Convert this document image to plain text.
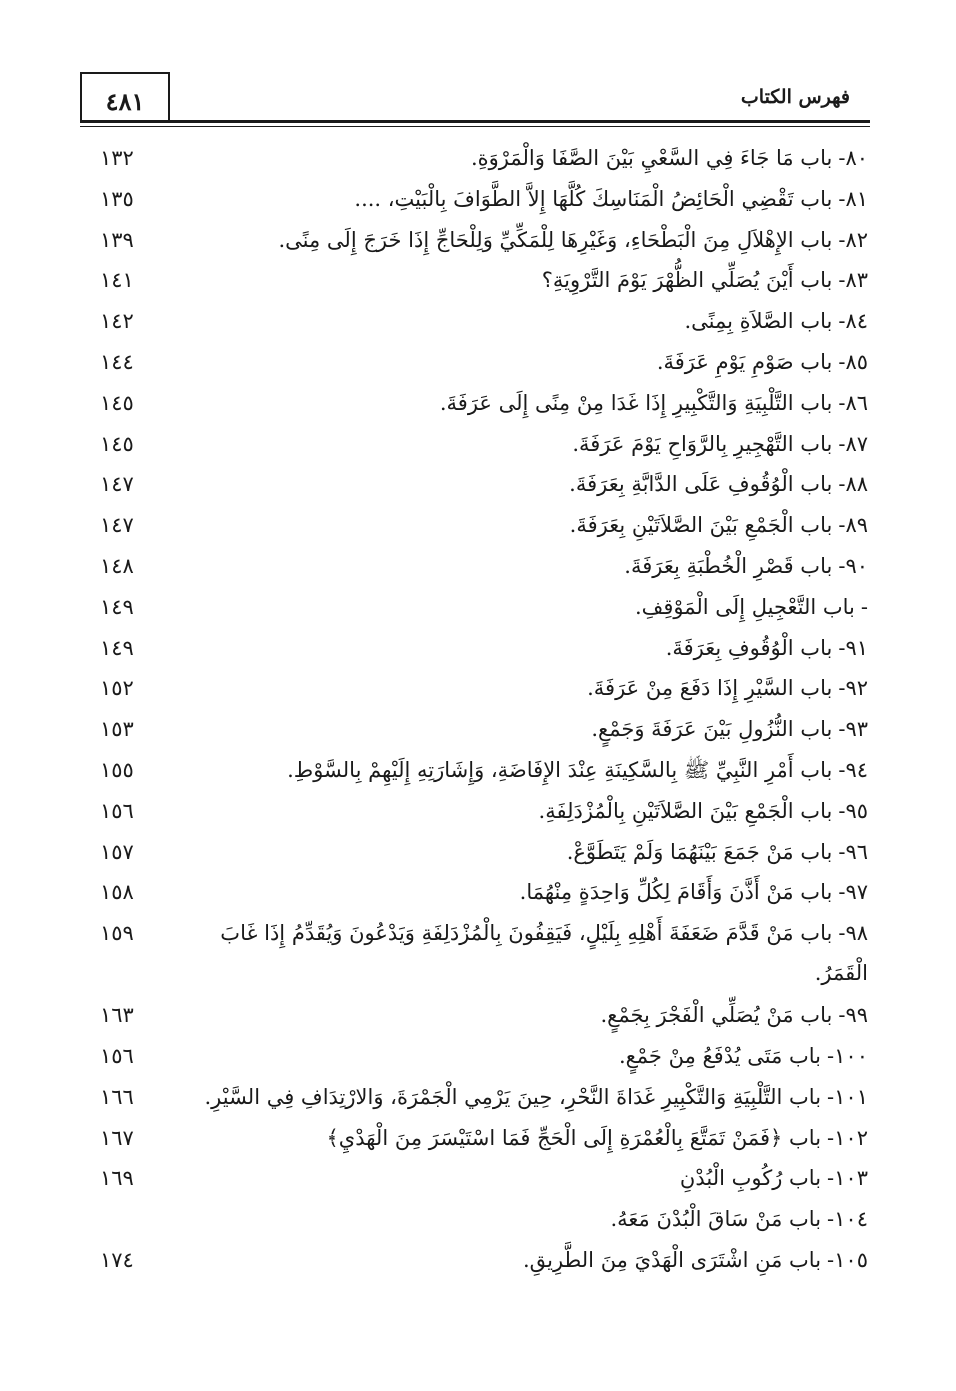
فهرس الكتاب
٤٨١
٨٠-باب مَا جَاءَ فِي السَّعْيِ بَيْنَ الصَّفَا وَالْمَرْوَةِ.
١٣٢
٨١-باب تَقْضِي الْحَائِضُ الْمَنَاسِكَ كُلَّهَا إِلاَّ الطَّوَافَ بِالْبَيْتِ، ....
١٣٥
٨٢-باب الإِهْلاَلِ مِنَ الْبَطْحَاءِ، وَغَيْرِهَا لِلْمَكِّيِّ وَلِلْحَاجِّ إِذَا خَرَجَ إِلَى مِنًى.
١٣٩
٨٣-باب أَيْنَ يُصَلِّي الظُّهْرَ يَوْمَ التَّرْوِيَةِ؟
١٤١
٨٤-باب الصَّلاَةِ بِمِنًى.
١٤٢
٨٥-باب صَوْمِ يَوْمِ عَرَفَةَ.
١٤٤
٨٦-باب التَّلْبِيَةِ وَالتَّكْبِيرِ إِذَا غَدَا مِنْ مِنًى إِلَى عَرَفَةَ.
١٤٥
٨٧-باب التَّهْجِيرِ بِالرَّوَاحِ يَوْمَ عَرَفَةَ.
١٤٥
٨٨-باب الْوُقُوفِ عَلَى الدَّابَّةِ بِعَرَفَةَ.
١٤٧
٨٩-باب الْجَمْعِ بَيْنَ الصَّلاَتَيْنِ بِعَرَفَةَ.
١٤٧
٩٠-باب قَصْرِ الْخُطْبَةِ بِعَرَفَةَ.
١٤٨
-باب التَّعْجِيلِ إِلَى الْمَوْقِفِ.
١٤٩
٩١-باب الْوُقُوفِ بِعَرَفَةَ.
١٤٩
٩٢-باب السَّيْرِ إِذَا دَفَعَ مِنْ عَرَفَةَ.
١٥٢
٩٣-باب النُّزُولِ بَيْنَ عَرَفَةَ وَجَمْعٍ.
١٥٣
٩٤-باب أَمْرِ النَّبِيِّ ﷺ بِالسَّكِينَةِ عِنْدَ الإِفَاضَةِ، وَإِشَارَتِهِ إِلَيْهِمْ بِالسَّوْطِ.
١٥٥
٩٥-باب الْجَمْعِ بَيْنَ الصَّلاَتَيْنِ بِالْمُزْدَلِفَةِ.
١٥٦
٩٦-باب مَنْ جَمَعَ بَيْنَهُمَا وَلَمْ يَتَطَوَّعْ.
١٥٧
٩٧-باب مَنْ أَذَّنَ وَأَقَامَ لِكُلِّ وَاحِدَةٍ مِنْهُمَا.
١٥٨
٩٨-باب مَنْ قَدَّمَ ضَعَفَةَ أَهْلِهِ بِلَيْلٍ، فَيَقِفُونَ بِالْمُزْدَلِفَةِ وَيَدْعُونَ وَيُقَدِّمُ إِذَا غَابَ الْقَمَرُ.
١٥٩
٩٩-باب مَنْ يُصَلِّي الْفَجْرَ بِجَمْعٍ.
١٦٣
١٠٠-باب مَتَى يُدْفَعُ مِنْ جَمْعٍ.
١٥٦
١٠١-باب التَّلْبِيَةِ وَالتَّكْبِيرِ غَدَاةَ النَّحْرِ، حِينَ يَرْمِي الْجَمْرَةَ، وَالارْتِدَافِ فِي السَّيْرِ.
١٦٦
١٠٢-باب ﴿فَمَنْ تَمَتَّعَ بِالْعُمْرَةِ إِلَى الْحَجِّ فَمَا اسْتَيْسَرَ مِنَ الْهَدْيِ﴾
١٦٧
١٠٣-باب رُكُوبِ الْبُدْنِ
١٦٩
١٠٤-باب مَنْ سَاقَ الْبُدْنَ مَعَهُ.
١٠٥-باب مَنِ اشْتَرَى الْهَدْيَ مِنَ الطَّرِيقِ.
١٧٤
